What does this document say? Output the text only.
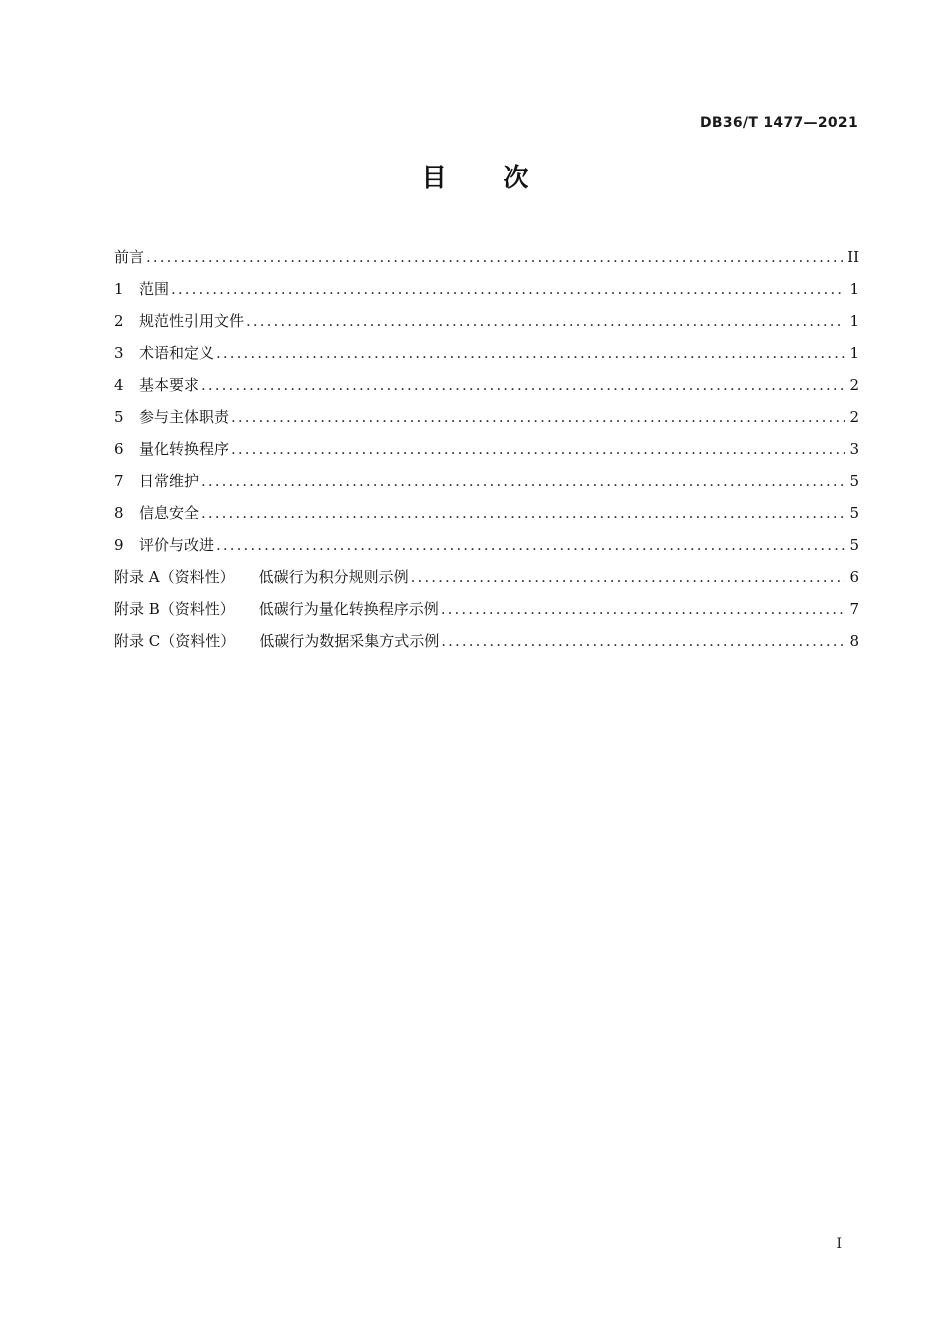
DB36/T 1477—2021
目 次
前言 .....	II
1	范围 .....	1
2	规范性引用文件 .....	1
3	术语和定义 .....	1
4	基本要求 .....	2
5	参与主体职责 .....	2
6	量化转换程序 .....	3
7	日常维护 .....	5
8	信息安全 .....	5
9	评价与改进 .....	5
附录 A（资料性） 低碳行为积分规则示例 .....	6
附录 B（资料性） 低碳行为量化转换程序示例 .....	7
附录 C（资料性） 低碳行为数据采集方式示例 .....	8
I
